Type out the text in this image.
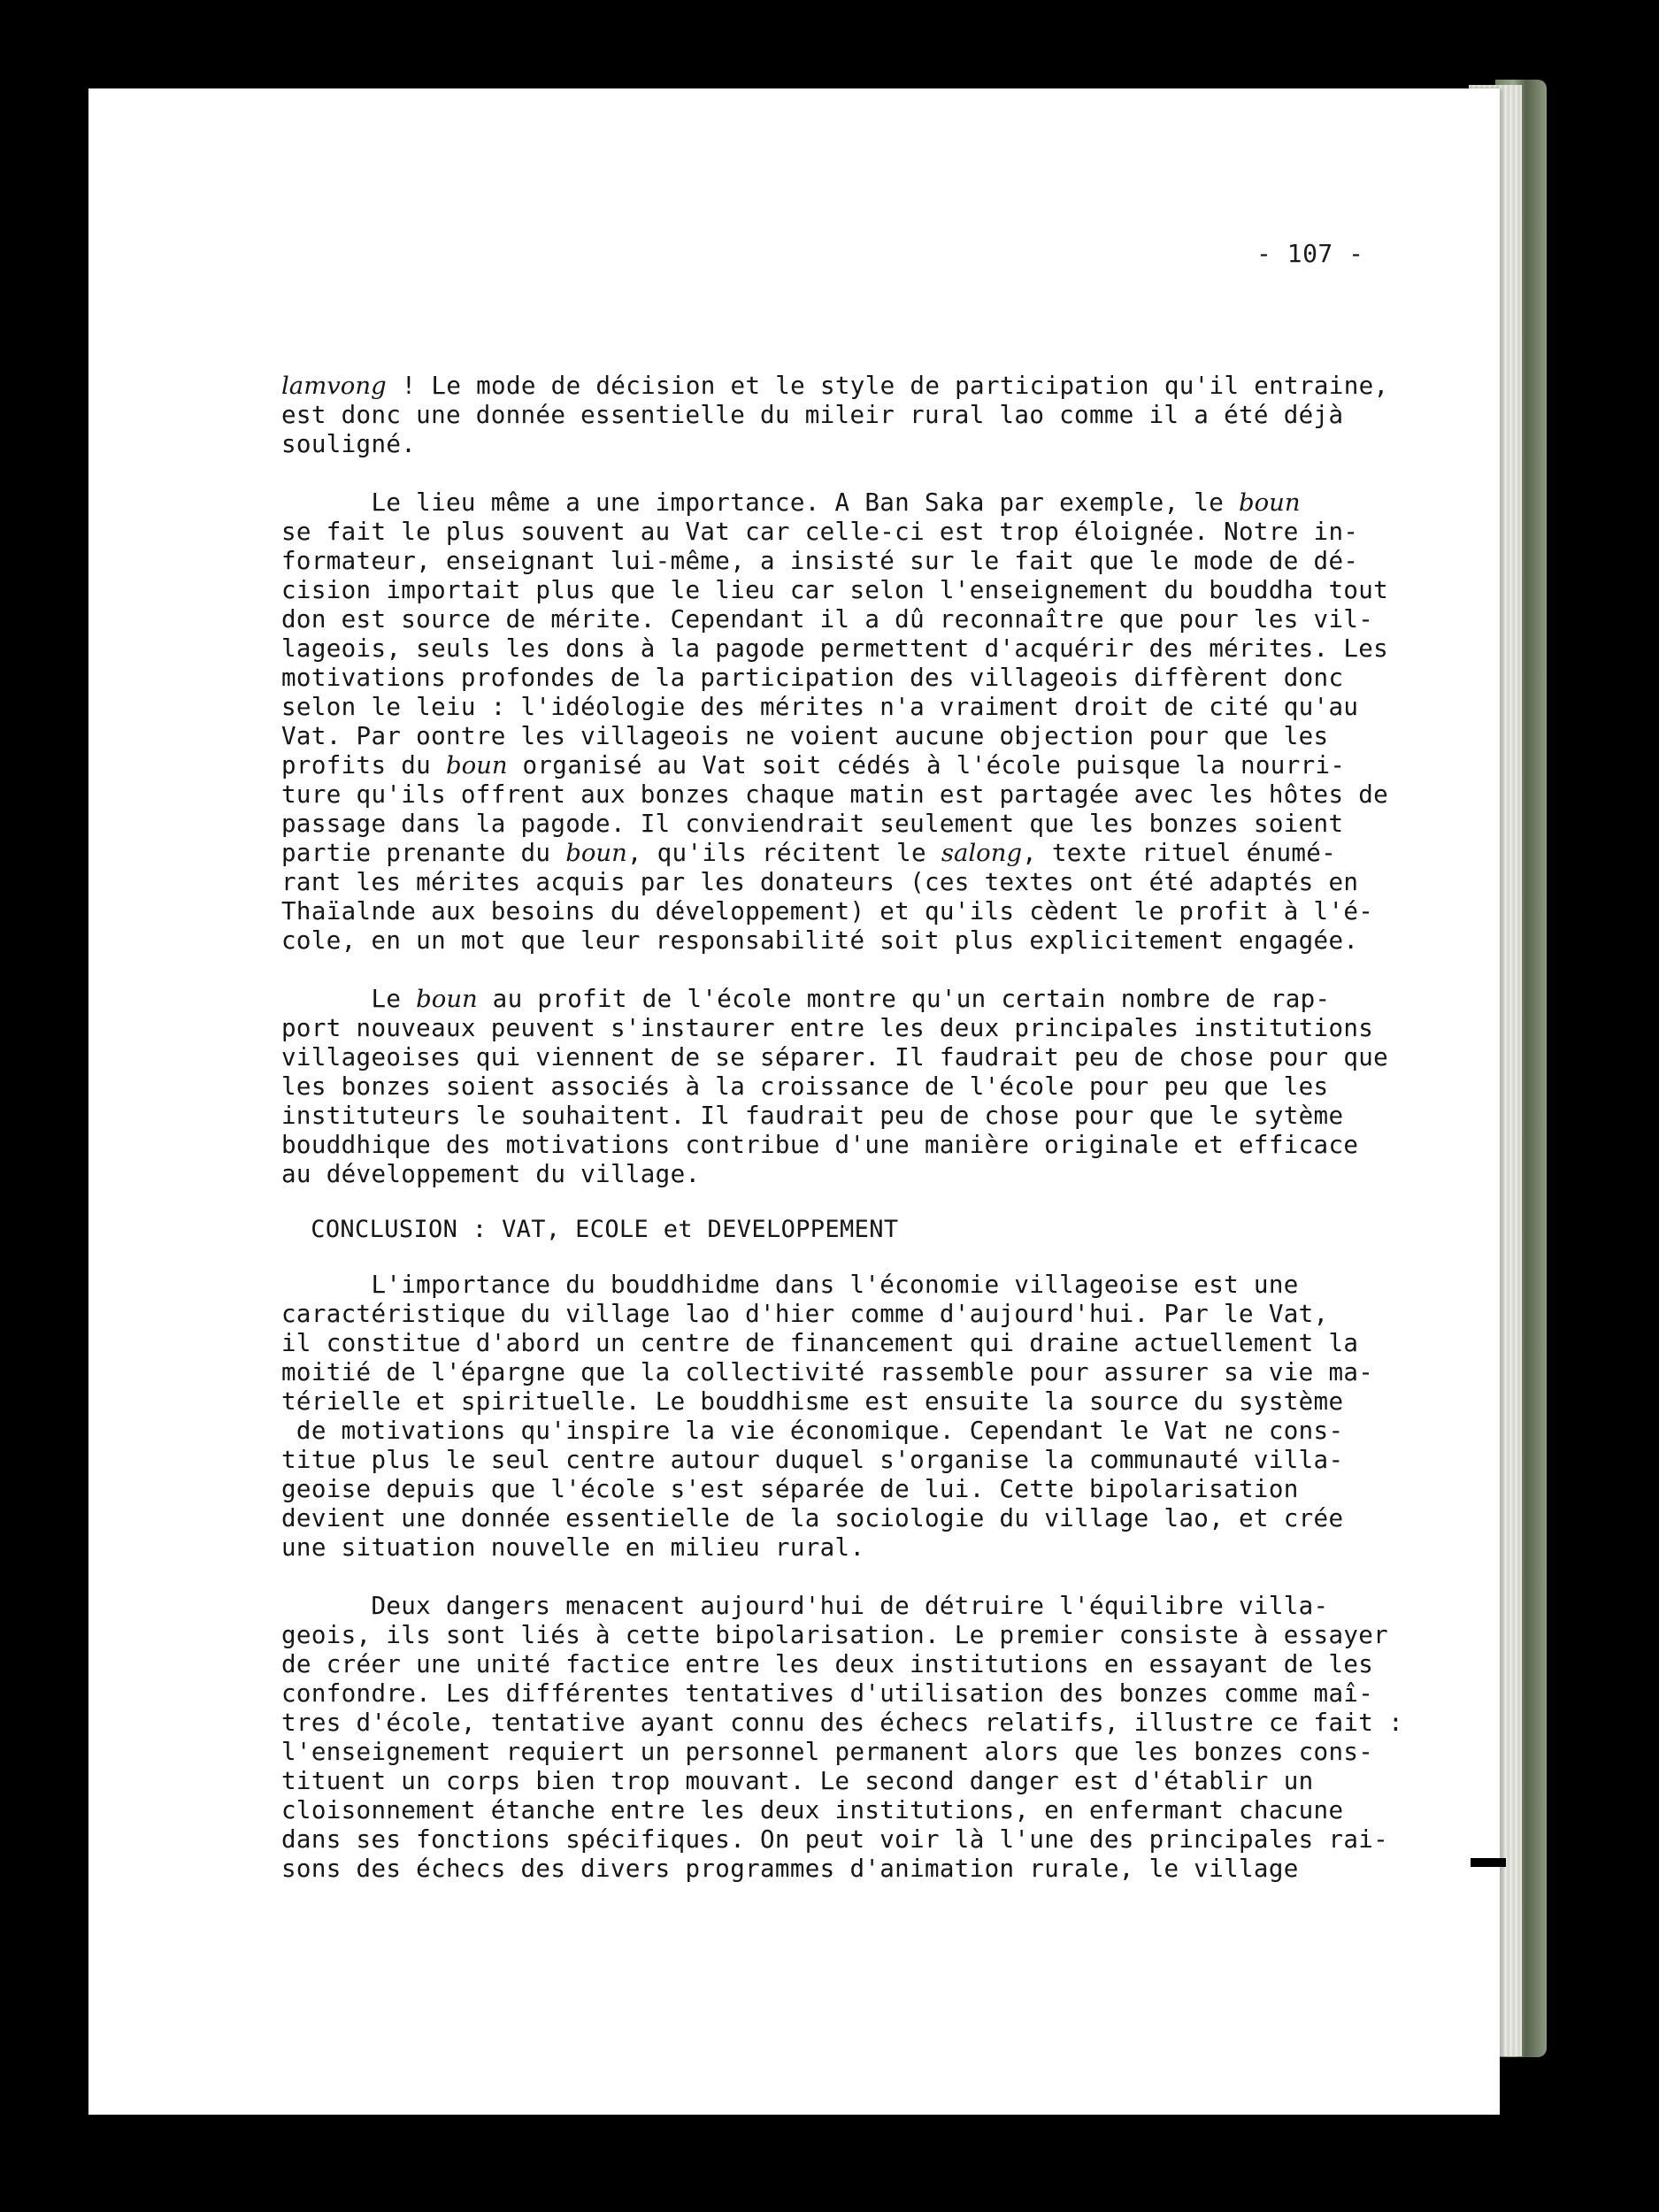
- 107 -
lamvong ! Le mode de décision et le style de participation qu'il entraine,
est donc une donnée essentielle du mileir rural lao comme il a été déjà
souligné.
Le lieu même a une importance. A Ban Saka par exemple, le boun
se fait le plus souvent au Vat car celle-ci est trop éloignée. Notre in-
formateur, enseignant lui-même, a insisté sur le fait que le mode de dé-
cision importait plus que le lieu car selon l'enseignement du bouddha tout
don est source de mérite. Cependant il a dû reconnaître que pour les vil-
lageois, seuls les dons à la pagode permettent d'acquérir des mérites. Les
motivations profondes de la participation des villageois diffèrent donc
selon le leiu : l'idéologie des mérites n'a vraiment droit de cité qu'au
Vat. Par oontre les villageois ne voient aucune objection pour que les
profits du boun organisé au Vat soit cédés à l'école puisque la nourri-
ture qu'ils offrent aux bonzes chaque matin est partagée avec les hôtes de
passage dans la pagode. Il conviendrait seulement que les bonzes soient
partie prenante du boun, qu'ils récitent le salong, texte rituel énumé-
rant les mérites acquis par les donateurs (ces textes ont été adaptés en
Thaïalnde aux besoins du développement) et qu'ils cèdent le profit à l'é-
cole, en un mot que leur responsabilité soit plus explicitement engagée.
Le boun au profit de l'école montre qu'un certain nombre de rap-
port nouveaux peuvent s'instaurer entre les deux principales institutions
villageoises qui viennent de se séparer. Il faudrait peu de chose pour que
les bonzes soient associés à la croissance de l'école pour peu que les
instituteurs le souhaitent. Il faudrait peu de chose pour que le sytème
bouddhique des motivations contribue d'une manière originale et efficace
au développement du village.
CONCLUSION : VAT, ECOLE et DEVELOPPEMENT
L'importance du bouddhidme dans l'économie villageoise est une
caractéristique du village lao d'hier comme d'aujourd'hui. Par le Vat,
il constitue d'abord un centre de financement qui draine actuellement la
moitié de l'épargne que la collectivité rassemble pour assurer sa vie ma-
térielle et spirituelle. Le bouddhisme est ensuite la source du système
de motivations qu'inspire la vie économique. Cependant le Vat ne cons-
titue plus le seul centre autour duquel s'organise la communauté villa-
geoise depuis que l'école s'est séparée de lui. Cette bipolarisation
devient une donnée essentielle de la sociologie du village lao, et crée
une situation nouvelle en milieu rural.
Deux dangers menacent aujourd'hui de détruire l'équilibre villa-
geois, ils sont liés à cette bipolarisation. Le premier consiste à essayer
de créer une unité factice entre les deux institutions en essayant de les
confondre. Les différentes tentatives d'utilisation des bonzes comme maî-
tres d'école, tentative ayant connu des échecs relatifs, illustre ce fait :
l'enseignement requiert un personnel permanent alors que les bonzes cons-
tituent un corps bien trop mouvant. Le second danger est d'établir un
cloisonnement étanche entre les deux institutions, en enfermant chacune
dans ses fonctions spécifiques. On peut voir là l'une des principales rai-
sons des échecs des divers programmes d'animation rurale, le village
